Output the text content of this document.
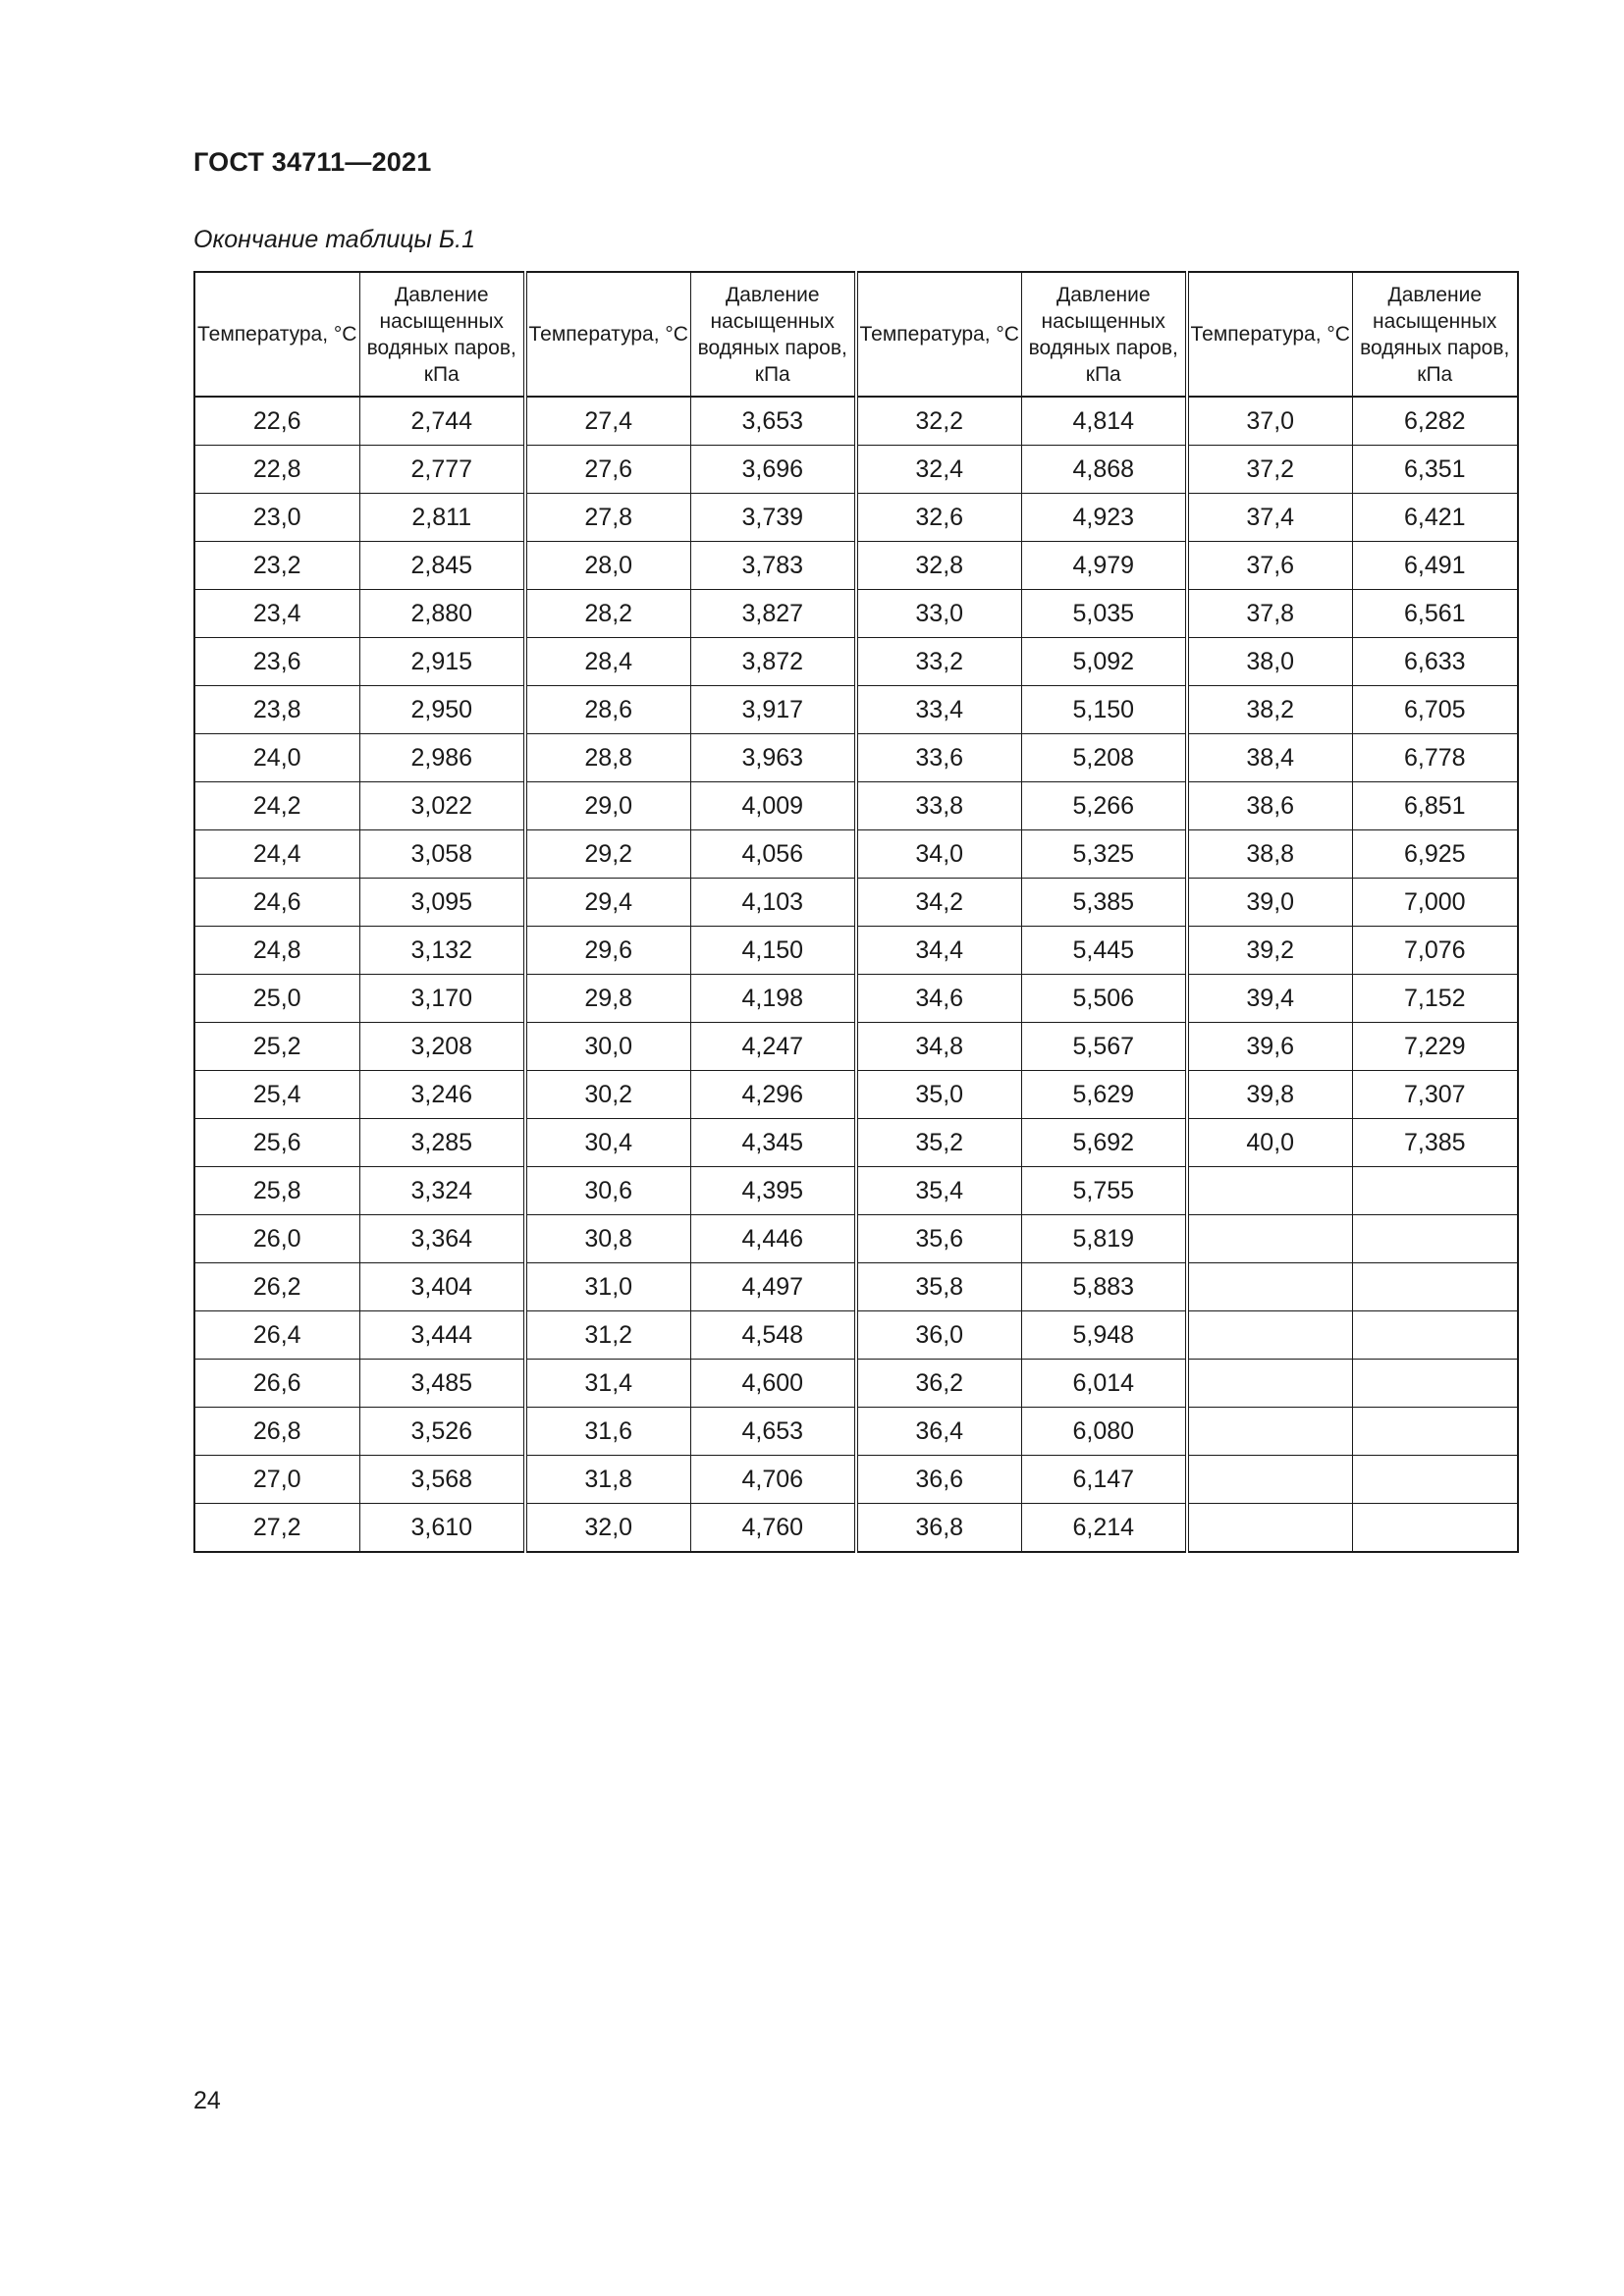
ГОСТ 34711—2021
Окончание таблицы Б.1
Температура, °С	Давление насыщенных водяных паров, кПа	Температура, °С	Давление насыщенных водяных паров, кПа	Температура, °С	Давление насыщенных водяных паров, кПа	Температура, °С	Давление насыщенных водяных паров, кПа
22,6	2,744	27,4	3,653	32,2	4,814	37,0	6,282
22,8	2,777	27,6	3,696	32,4	4,868	37,2	6,351
23,0	2,811	27,8	3,739	32,6	4,923	37,4	6,421
23,2	2,845	28,0	3,783	32,8	4,979	37,6	6,491
23,4	2,880	28,2	3,827	33,0	5,035	37,8	6,561
23,6	2,915	28,4	3,872	33,2	5,092	38,0	6,633
23,8	2,950	28,6	3,917	33,4	5,150	38,2	6,705
24,0	2,986	28,8	3,963	33,6	5,208	38,4	6,778
24,2	3,022	29,0	4,009	33,8	5,266	38,6	6,851
24,4	3,058	29,2	4,056	34,0	5,325	38,8	6,925
24,6	3,095	29,4	4,103	34,2	5,385	39,0	7,000
24,8	3,132	29,6	4,150	34,4	5,445	39,2	7,076
25,0	3,170	29,8	4,198	34,6	5,506	39,4	7,152
25,2	3,208	30,0	4,247	34,8	5,567	39,6	7,229
25,4	3,246	30,2	4,296	35,0	5,629	39,8	7,307
25,6	3,285	30,4	4,345	35,2	5,692	40,0	7,385
25,8	3,324	30,6	4,395	35,4	5,755		
26,0	3,364	30,8	4,446	35,6	5,819		
26,2	3,404	31,0	4,497	35,8	5,883		
26,4	3,444	31,2	4,548	36,0	5,948		
26,6	3,485	31,4	4,600	36,2	6,014		
26,8	3,526	31,6	4,653	36,4	6,080		
27,0	3,568	31,8	4,706	36,6	6,147		
27,2	3,610	32,0	4,760	36,8	6,214		
24
